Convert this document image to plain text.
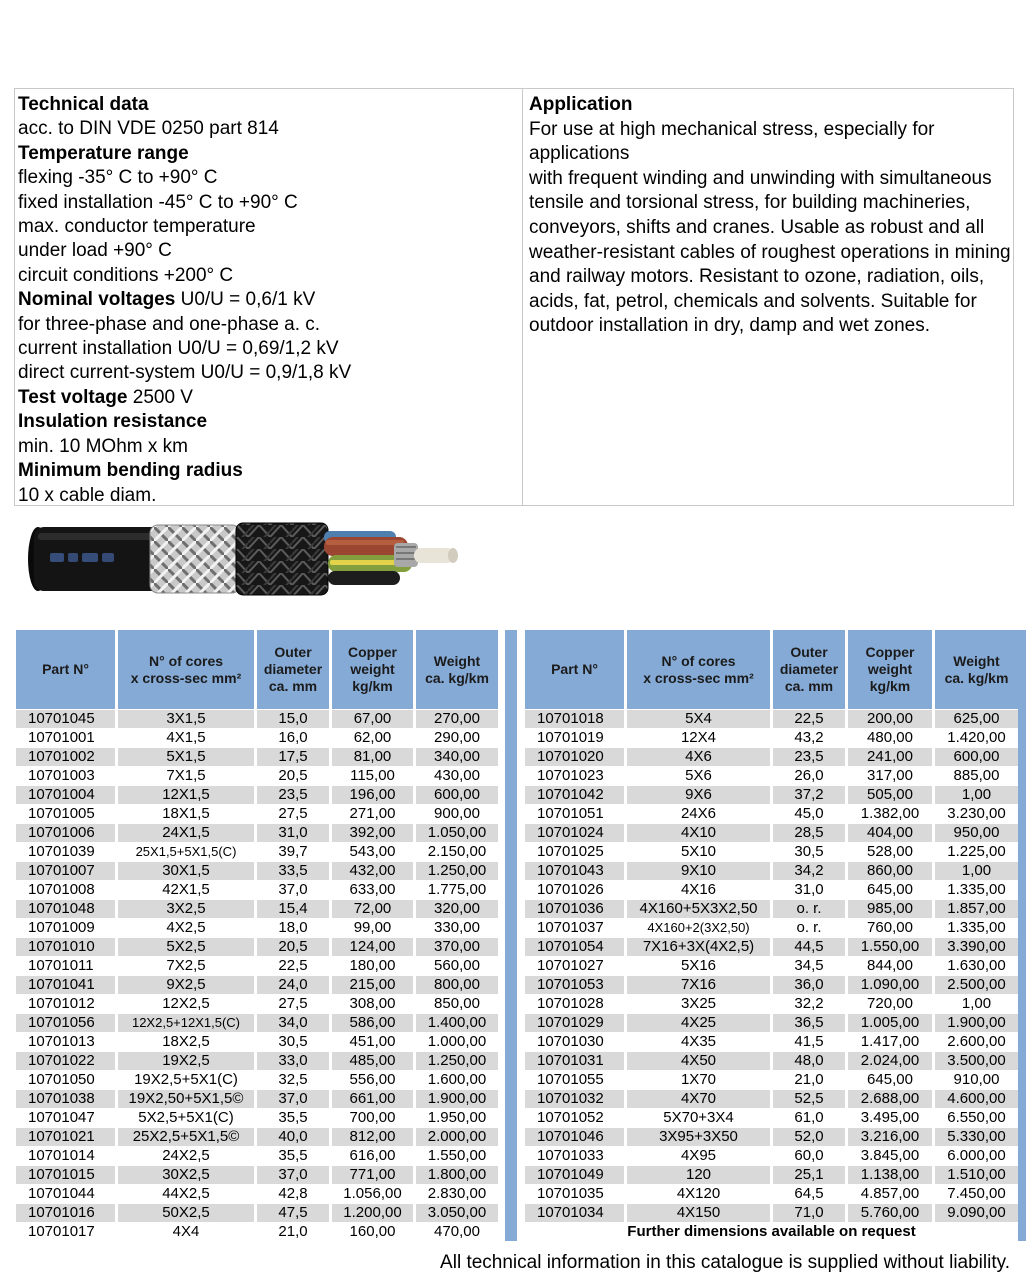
Drum reeling rubber cables
NSHTöu(K)-J	Also in PUR available
Technical data
acc. to DIN VDE 0250 part 814
Temperature range
flexing -35° C to +90° C
fixed installation -45° C to +90° C
max. conductor temperature
under load +90° C
circuit conditions +200° C
Nominal voltages U0/U = 0,6/1 kV
for three-phase and one-phase a. c.
current installation U0/U = 0,69/1,2 kV
direct current-system U0/U = 0,9/1,8 kV
Test voltage 2500 V
Insulation resistance
min. 10 MOhm x km
Minimum bending radius
10 x cable diam.
Application
For use at high mechanical stress, especially for
applications
with frequent winding and unwinding with simultaneous
tensile and torsional stress, for building machineries,
conveyors, shifts and cranes. Usable as robust and all
weather-resistant cables of roughest operations in mining
and railway motors. Resistant to ozone, radiation, oils,
acids, fat, petrol, chemicals and solvents. Suitable for
outdoor installation in dry, damp and wet zones.
Part N°
N° of cores
x cross-sec mm²
Outer
diameter
ca. mm
Copper
weight
kg/km
Weight
ca. kg/km
10701045	3X1,5	15,0	67,00	270,00
10701001	4X1,5	16,0	62,00	290,00
10701002	5X1,5	17,5	81,00	340,00
10701003	7X1,5	20,5	115,00	430,00
10701004	12X1,5	23,5	196,00	600,00
10701005	18X1,5	27,5	271,00	900,00
10701006	24X1,5	31,0	392,00	1.050,00
10701039	25X1,5+5X1,5(C)	39,7	543,00	2.150,00
10701007	30X1,5	33,5	432,00	1.250,00
10701008	42X1,5	37,0	633,00	1.775,00
10701048	3X2,5	15,4	72,00	320,00
10701009	4X2,5	18,0	99,00	330,00
10701010	5X2,5	20,5	124,00	370,00
10701011	7X2,5	22,5	180,00	560,00
10701041	9X2,5	24,0	215,00	800,00
10701012	12X2,5	27,5	308,00	850,00
10701056	12X2,5+12X1,5(C)	34,0	586,00	1.400,00
10701013	18X2,5	30,5	451,00	1.000,00
10701022	19X2,5	33,0	485,00	1.250,00
10701050	19X2,5+5X1(C)	32,5	556,00	1.600,00
10701038	19X2,50+5X1,5©	37,0	661,00	1.900,00
10701047	5X2,5+5X1(C)	35,5	700,00	1.950,00
10701021	25X2,5+5X1,5©	40,0	812,00	2.000,00
10701014	24X2,5	35,5	616,00	1.550,00
10701015	30X2,5	37,0	771,00	1.800,00
10701044	44X2,5	42,8	1.056,00	2.830,00
10701016	50X2,5	47,5	1.200,00	3.050,00
10701017	4X4	21,0	160,00	470,00
Part N°
N° of cores
x cross-sec mm²
Outer
diameter
ca. mm
Copper
weight
kg/km
Weight
ca. kg/km
10701018	5X4	22,5	200,00	625,00
10701019	12X4	43,2	480,00	1.420,00
10701020	4X6	23,5	241,00	600,00
10701023	5X6	26,0	317,00	885,00
10701042	9X6	37,2	505,00	1,00
10701051	24X6	45,0	1.382,00	3.230,00
10701024	4X10	28,5	404,00	950,00
10701025	5X10	30,5	528,00	1.225,00
10701043	9X10	34,2	860,00	1,00
10701026	4X16	31,0	645,00	1.335,00
10701036	4X160+5X3X2,50	o. r.	985,00	1.857,00
10701037	4X160+2(3X2,50)	o. r.	760,00	1.335,00
10701054	7X16+3X(4X2,5)	44,5	1.550,00	3.390,00
10701027	5X16	34,5	844,00	1.630,00
10701053	7X16	36,0	1.090,00	2.500,00
10701028	3X25	32,2	720,00	1,00
10701029	4X25	36,5	1.005,00	1.900,00
10701030	4X35	41,5	1.417,00	2.600,00
10701031	4X50	48,0	2.024,00	3.500,00
10701055	1X70	21,0	645,00	910,00
10701032	4X70	52,5	2.688,00	4.600,00
10701052	5X70+3X4	61,0	3.495,00	6.550,00
10701046	3X95+3X50	52,0	3.216,00	5.330,00
10701033	4X95	60,0	3.845,00	6.000,00
10701049	120	25,1	1.138,00	1.510,00
10701035	4X120	64,5	4.857,00	7.450,00
10701034	4X150	71,0	5.760,00	9.090,00
Further dimensions available on request
All technical information in this catalogue is supplied without liability.
